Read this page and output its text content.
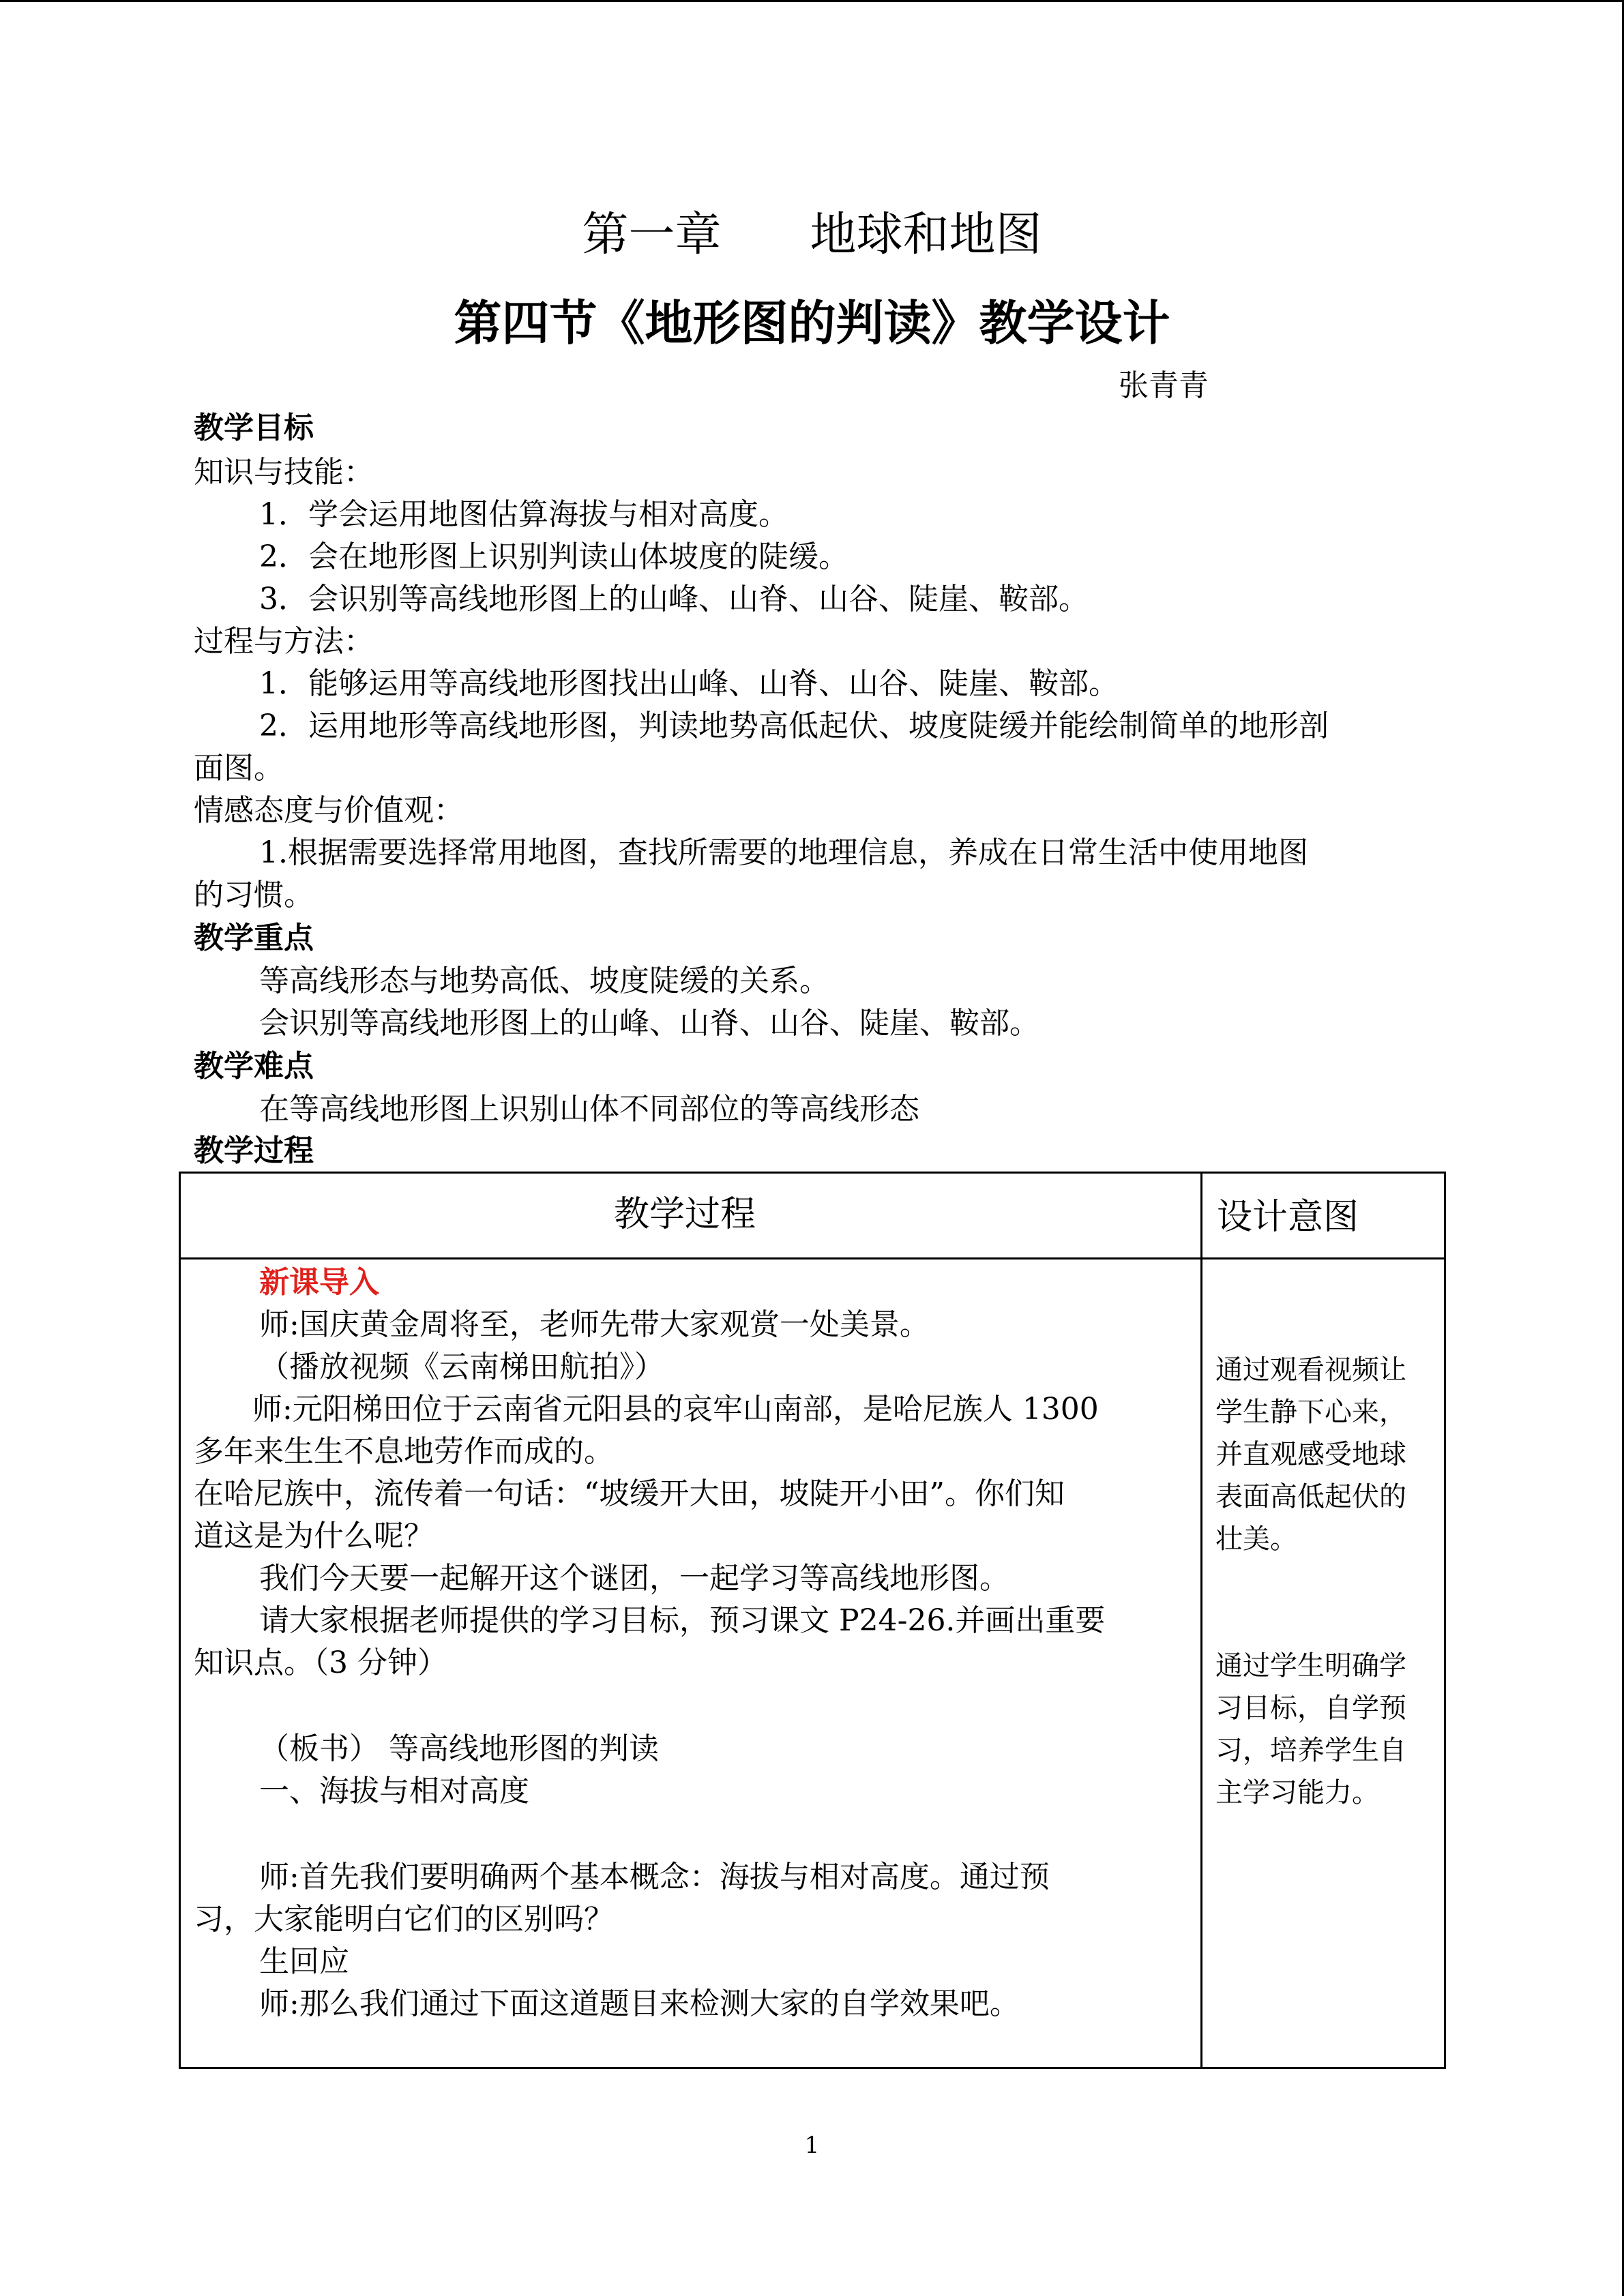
第一章 地球和地图
第四节《地形图的判读》教学设计
张青青
教学目标
知识与技能：
1．学会运用地图估算海拔与相对高度。
2．会在地形图上识别判读山体坡度的陡缓。
3．会识别等高线地形图上的山峰、山脊、山谷、陡崖、鞍部。
过程与方法：
1．能够运用等高线地形图找出山峰、山脊、山谷、陡崖、鞍部。
2．运用地形等高线地形图，判读地势高低起伏、坡度陡缓并能绘制简单的地形剖
面图。
情感态度与价值观：
1.根据需要选择常用地图，查找所需要的地理信息，养成在日常生活中使用地图
的习惯。
教学重点
等高线形态与地势高低、坡度陡缓的关系。
会识别等高线地形图上的山峰、山脊、山谷、陡崖、鞍部。
教学难点
在等高线地形图上识别山体不同部位的等高线形态
教学过程
教学过程	设计意图
新课导入
师:国庆黄金周将至，老师先带大家观赏一处美景。
（播放视频《云南梯田航拍》）
师:元阳梯田位于云南省元阳县的哀牢山南部，是哈尼族人 1300
多年来生生不息地劳作而成的。
在哈尼族中，流传着一句话：“坡缓开大田，坡陡开小田”。你们知
道这是为什么呢？
我们今天要一起解开这个谜团，一起学习等高线地形图。
请大家根据老师提供的学习目标，预习课文 P24-26.并画出重要
知识点。（3 分钟）
（板书） 等高线地形图的判读
一、海拔与相对高度
师:首先我们要明确两个基本概念：海拔与相对高度。通过预
习，大家能明白它们的区别吗？
生回应
师:那么我们通过下面这道题目来检测大家的自学效果吧。
通过观看视频让
学生静下心来，
并直观感受地球
表面高低起伏的
壮美。
通过学生明确学
习目标，自学预
习，培养学生自
主学习能力。
1
